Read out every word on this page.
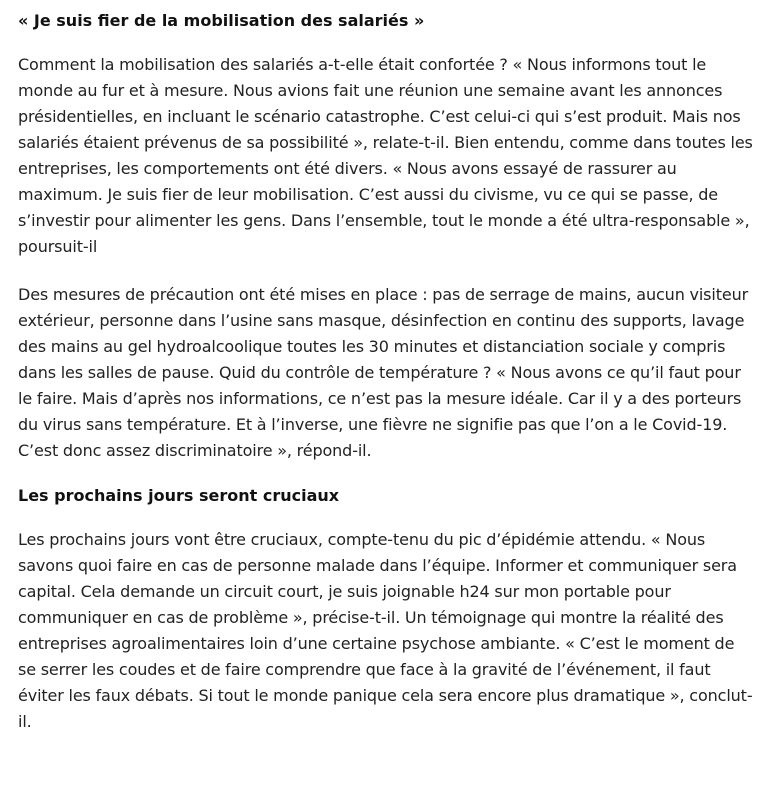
« Je suis fier de la mobilisation des salariés »

Comment la mobilisation des salariés a-t-elle était confortée ? « Nous informons tout le monde au fur et à mesure. Nous avions fait une réunion une semaine avant les annonces présidentielles, en incluant le scénario catastrophe. C’est celui-ci qui s’est produit. Mais nos salariés étaient prévenus de sa possibilité », relate-t-il. Bien entendu, comme dans toutes les entreprises, les comportements ont été divers. « Nous avons essayé de rassurer au maximum. Je suis fier de leur mobilisation. C’est aussi du civisme, vu ce qui se passe, de s’investir pour alimenter les gens. Dans l’ensemble, tout le monde a été ultra-responsable », poursuit-il

Des mesures de précaution ont été mises en place : pas de serrage de mains, aucun visiteur extérieur, personne dans l’usine sans masque, désinfection en continu des supports, lavage des mains au gel hydroalcoolique toutes les 30 minutes et distanciation sociale y compris dans les salles de pause. Quid du contrôle de température ? « Nous avons ce qu’il faut pour le faire. Mais d’après nos informations, ce n’est pas la mesure idéale. Car il y a des porteurs du virus sans température. Et à l’inverse, une fièvre ne signifie pas que l’on a le Covid-19. C’est donc assez discriminatoire », répond-il.

Les prochains jours seront cruciaux

Les prochains jours vont être cruciaux, compte-tenu du pic d’épidémie attendu. « Nous savons quoi faire en cas de personne malade dans l’équipe. Informer et communiquer sera capital. Cela demande un circuit court, je suis joignable h24 sur mon portable pour communiquer en cas de problème », précise-t-il. Un témoignage qui montre la réalité des entreprises agroalimentaires loin d’une certaine psychose ambiante. « C’est le moment de se serrer les coudes et de faire comprendre que face à la gravité de l’événement, il faut éviter les faux débats. Si tout le monde panique cela sera encore plus dramatique », conclut-il.
